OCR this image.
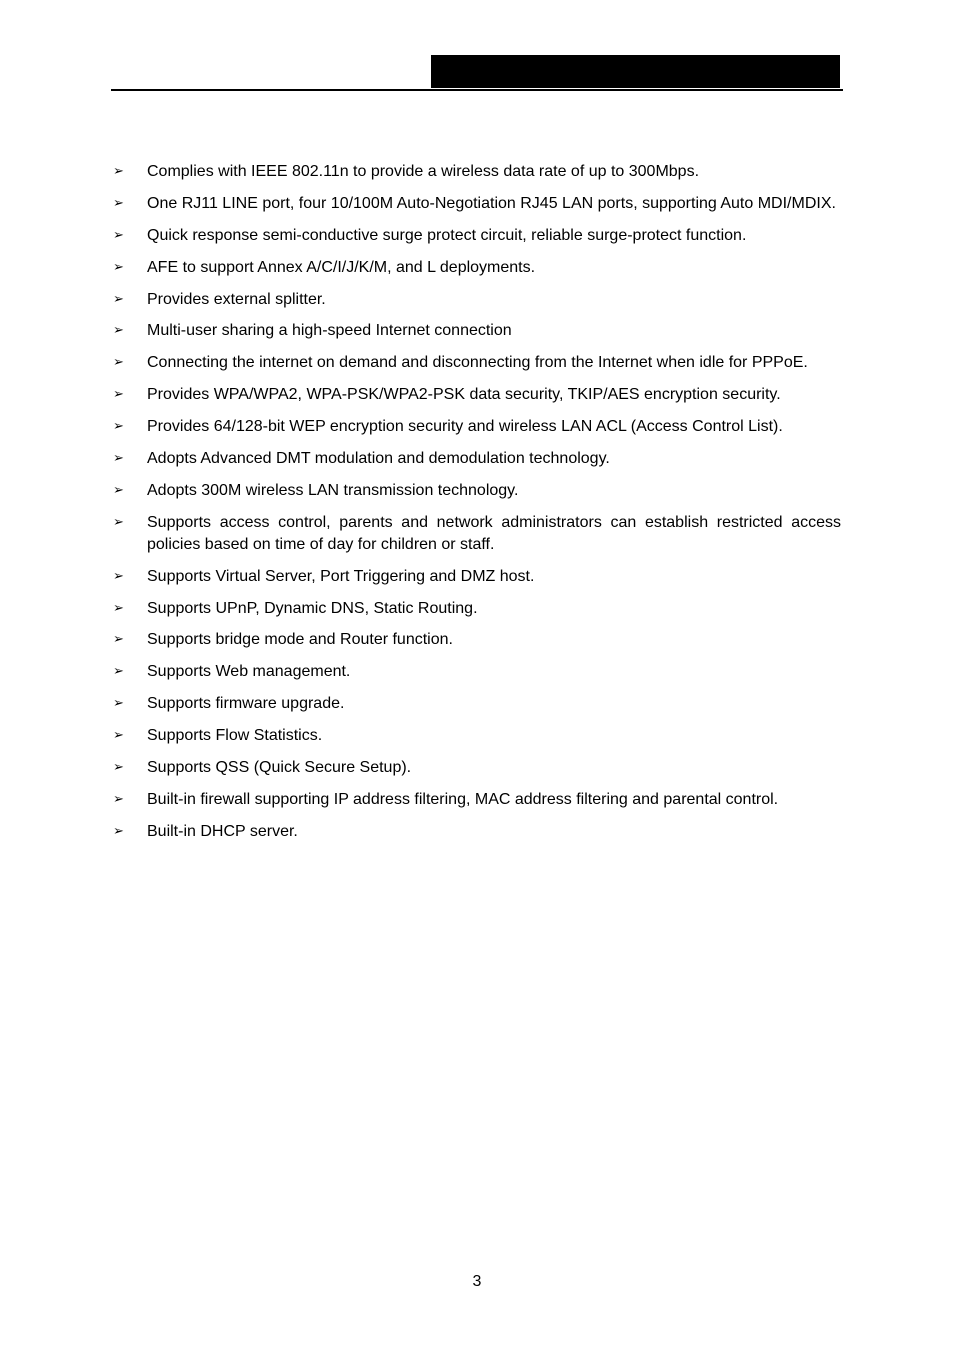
➢ Complies with IEEE 802.11n to provide a wireless data rate of up to 300Mbps.
➢ One RJ11 LINE port, four 10/100M Auto-Negotiation RJ45 LAN ports, supporting Auto MDI/MDIX.
➢ Quick response semi-conductive surge protect circuit, reliable surge-protect function.
➢ AFE to support Annex A/C/I/J/K/M, and L deployments.
➢ Provides external splitter.
➢ Multi-user sharing a high-speed Internet connection
➢ Connecting the internet on demand and disconnecting from the Internet when idle for PPPoE.
➢ Provides WPA/WPA2, WPA-PSK/WPA2-PSK data security, TKIP/AES encryption security.
➢ Provides 64/128-bit WEP encryption security and wireless LAN ACL (Access Control List).
➢ Adopts Advanced DMT modulation and demodulation technology.
➢ Adopts 300M wireless LAN transmission technology.
➢ Supports access control, parents and network administrators can establish restricted access policies based on time of day for children or staff.
➢ Supports Virtual Server, Port Triggering and DMZ host.
➢ Supports UPnP, Dynamic DNS, Static Routing.
➢ Supports bridge mode and Router function.
➢ Supports Web management.
➢ Supports firmware upgrade.
➢ Supports Flow Statistics.
➢ Supports QSS (Quick Secure Setup).
➢ Built-in firewall supporting IP address filtering, MAC address filtering and parental control.
➢ Built-in DHCP server.
3
